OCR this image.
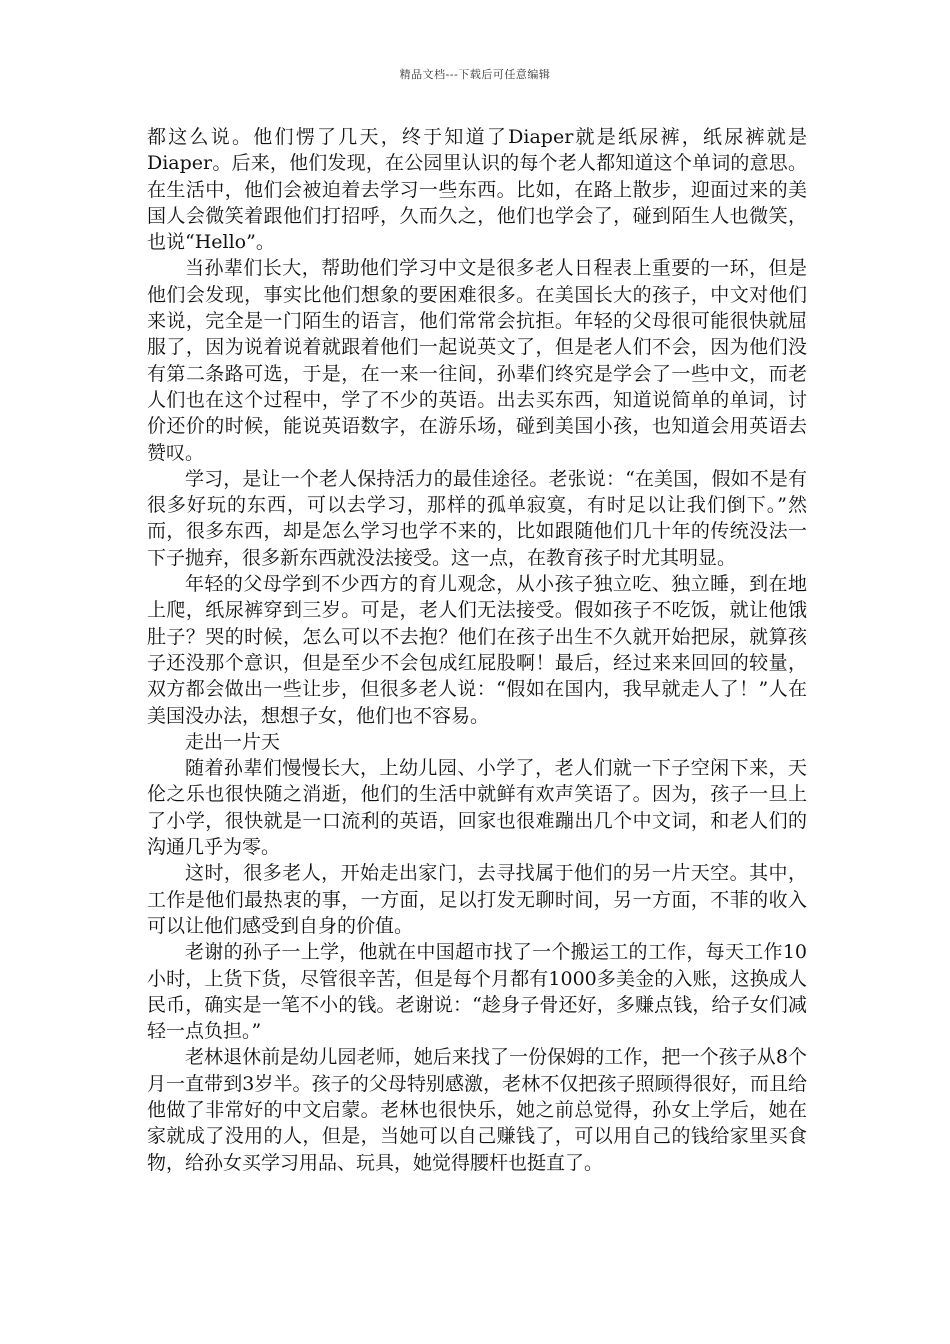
精品文档---下载后可任意编辑

都这么说。他们愣了几天，终于知道了Diaper就是纸尿裤，纸尿裤就是Diaper。后来，他们发现，在公园里认识的每个老人都知道这个单词的意思。在生活中，他们会被迫着去学习一些东西。比如，在路上散步，迎面过来的美国人会微笑着跟他们打招呼，久而久之，他们也学会了，碰到陌生人也微笑，也说“Hello”。

当孙辈们长大，帮助他们学习中文是很多老人日程表上重要的一环，但是他们会发现，事实比他们想象的要困难很多。在美国长大的孩子，中文对他们来说，完全是一门陌生的语言，他们常常会抗拒。年轻的父母很可能很快就屈服了，因为说着说着就跟着他们一起说英文了，但是老人们不会，因为他们没有第二条路可选，于是，在一来一往间，孙辈们终究是学会了一些中文，而老人们也在这个过程中，学了不少的英语。出去买东西，知道说简单的单词，讨价还价的时候，能说英语数字，在游乐场，碰到美国小孩，也知道会用英语去赞叹。

学习，是让一个老人保持活力的最佳途径。老张说：“在美国，假如不是有很多好玩的东西，可以去学习，那样的孤单寂寞，有时足以让我们倒下。”然而，很多东西，却是怎么学习也学不来的，比如跟随他们几十年的传统没法一下子抛弃，很多新东西就没法接受。这一点，在教育孩子时尤其明显。

年轻的父母学到不少西方的育儿观念，从小孩子独立吃、独立睡，到在地上爬，纸尿裤穿到三岁。可是，老人们无法接受。假如孩子不吃饭，就让他饿肚子？哭的时候，怎么可以不去抱？他们在孩子出生不久就开始把尿，就算孩子还没那个意识，但是至少不会包成红屁股啊！最后，经过来来回回的较量，双方都会做出一些让步，但很多老人说：“假如在国内，我早就走人了！”人在美国没办法，想想子女，他们也不容易。

走出一片天

随着孙辈们慢慢长大，上幼儿园、小学了，老人们就一下子空闲下来，天伦之乐也很快随之消逝，他们的生活中就鲜有欢声笑语了。因为，孩子一旦上了小学，很快就是一口流利的英语，回家也很难蹦出几个中文词，和老人们的沟通几乎为零。

这时，很多老人，开始走出家门，去寻找属于他们的另一片天空。其中，工作是他们最热衷的事，一方面，足以打发无聊时间，另一方面，不菲的收入可以让他们感受到自身的价值。

老谢的孙子一上学，他就在中国超市找了一个搬运工的工作，每天工作10小时，上货下货，尽管很辛苦，但是每个月都有1000多美金的入账，这换成人民币，确实是一笔不小的钱。老谢说：“趁身子骨还好，多赚点钱，给子女们减轻一点负担。”

老林退休前是幼儿园老师，她后来找了一份保姆的工作，把一个孩子从8个月一直带到3岁半。孩子的父母特别感激，老林不仅把孩子照顾得很好，而且给他做了非常好的中文启蒙。老林也很快乐，她之前总觉得，孙女上学后，她在家就成了没用的人，但是，当她可以自己赚钱了，可以用自己的钱给家里买食物，给孙女买学习用品、玩具，她觉得腰杆也挺直了。
